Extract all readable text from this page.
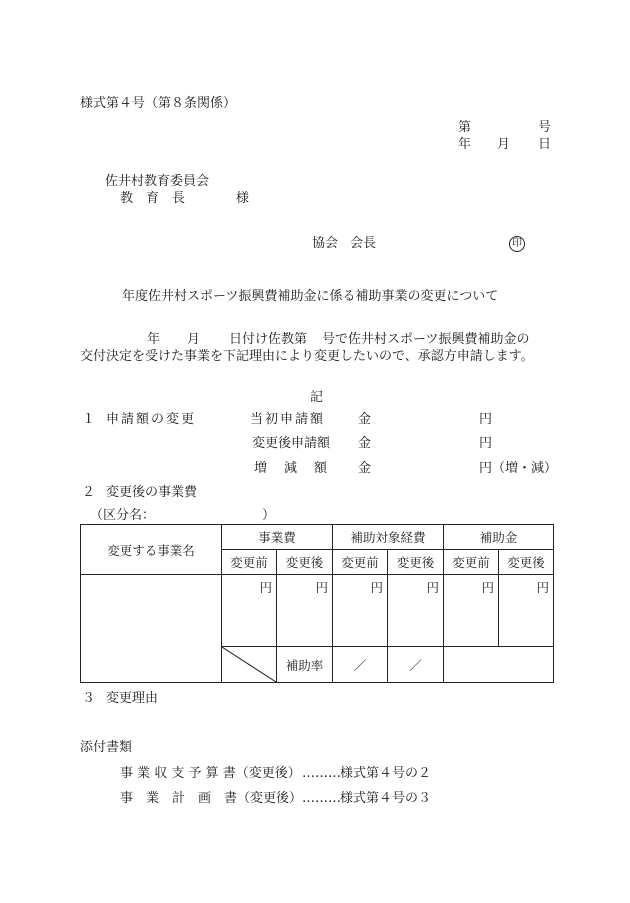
様式第４号（第８条関係）
第	号
年 月 日
佐井村教育委員会
教　育　長	様
協会 会長	印
年度佐井村スポーツ振興費補助金に係る補助事業の変更について
年 月 日付け佐教第 号で佐井村スポーツ振興費補助金の
交付決定を受けた事業を下記理由により変更したいので、承認方申請します。
記
１ 申請額の変更	当初申請額	金	円
変更後申請額 金	円
増　減　額 金	円（増・減）
２ 変更後の事業費
（区分名：	）
変更する事業名	事業費		補助対象経費		補助金	
	変更前	変更後	変更前	変更後	変更前	変更後
	円	円	円	円	円	円

	補助率	／	／		
３ 変更理由
添付書類
事 業 収 支 予 算 書（変更後） ……… 様式第４号の２
事　業　計　画　書（変更後） ……… 様式第４号の３
